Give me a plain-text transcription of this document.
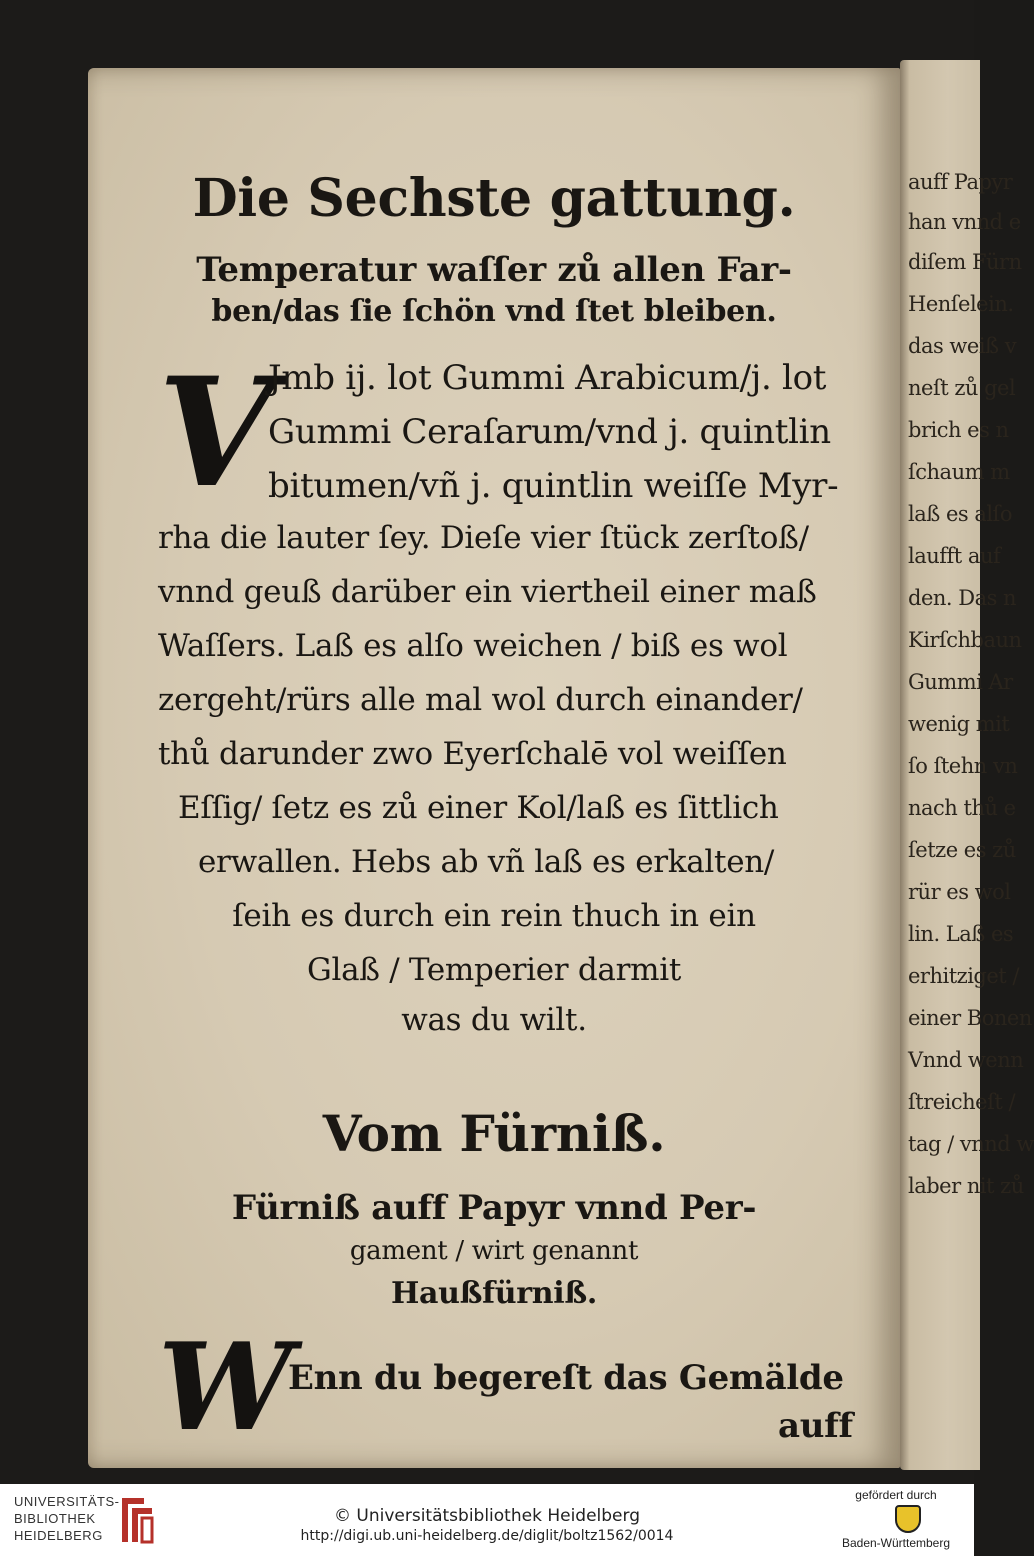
Die Sechste gattung.
Temperatur waſſer zů allen Far-
ben/das ſie ſchön vnd ſtet bleiben.
V
Jmb ij. lot Gummi Arabicum/j. lot
Gummi Ceraſarum/vnd j. quintlin
bitumen/vñ j. quintlin weiſſe Myr-
rha die lauter ſey. Dieſe vier ſtück zerſtoß/
vnnd geuß darüber ein viertheil einer maß
Waſſers. Laß es alſo weichen / biß es wol
zergeht/rürs alle mal wol durch einander/
thů darunder zwo Eyerſchalē vol weiſſen
Eſſig/ ſetz es zů einer Kol/laß es ſittlich
erwallen. Hebs ab vñ laß es erkalten/
ſeih es durch ein rein thuch in ein
Glaß / Temperier darmit
was du wilt.
Vom Fürniß.
Fürniß auff Papyr vnnd Per-
gament / wirt genannt
Haußfürniß.
W
Enn du begereſt das Gemälde
auff
auff Papyr
han vnnd e
diſem Fürn
Henſelein.
das weiß v
neſt zů gel
brich es n
ſchaum m
laß es alſo
laufft auf
den. Das n
Kirſchbaun
Gummi Ar
wenig mit
ſo ſtehn vn
nach thů e
ſetze es zů
rür es wol
lin. Laß es
erhitziget /
einer Bonen
Vnnd wenn
ſtreicheſt /
tag / vnnd w
laber nit zů
UNIVERSITÄTS-
BIBLIOTHEK
HEIDELBERG
© Universitätsbibliothek Heidelberg
http://digi.ub.uni-heidelberg.de/diglit/boltz1562/0014
gefördert durch
Baden-Württemberg
